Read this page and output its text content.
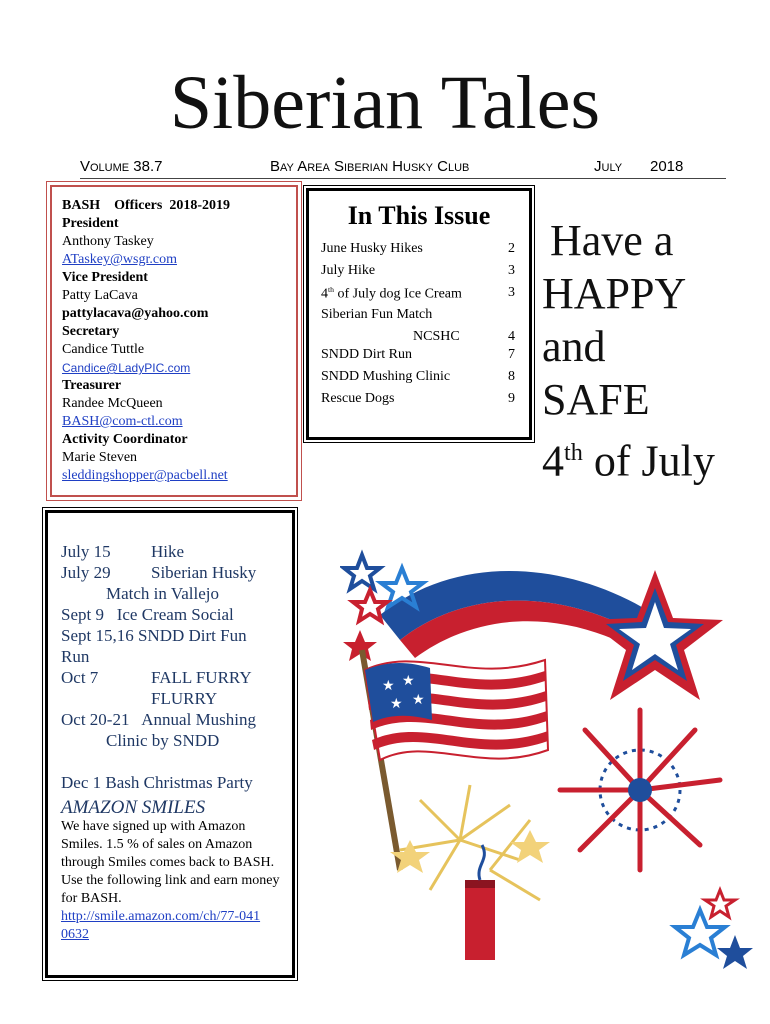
Siberian Tales
Volume 38.7	Bay Area Siberian Husky Club	July 2018
BASH    Officers  2018-2019
President
Anthony Taskey
ATaskey@wsgr.com
Vice President
Patty LaCava
pattylacava@yahoo.com
Secretary
Candice Tuttle
Candice@LadyPIC.com
Treasurer
Randee McQueen
BASH@com-ctl.com
Activity Coordinator
Marie Steven
sleddingshopper@pacbell.net
In This Issue
June Husky Hikes	2
July Hike	3
4th of July dog Ice Cream	3
Siberian Fun Match
NCSHC	4
SNDD Dirt Run	7
SNDD Mushing Clinic	8
Rescue Dogs	9
Have a
HAPPY
and
SAFE
4th of July
July 15 Hike
July 29 Siberian Husky
Match in Vallejo
Sept 9   Ice Cream Social
Sept 15,16 SNDD Dirt Fun
Run
Oct 7	FALL FURRY
FLURRY
Oct 20-21   Annual Mushing
Clinic by SNDD
Dec 1 Bash Christmas Party
AMAZON SMILES
We have signed up with Amazon Smiles. 1.5 % of sales on Amazon through Smiles comes back to BASH. Use the following link and earn money for BASH.
http://smile.amazon.com/ch/77-0410632
★ ★
★ ★
